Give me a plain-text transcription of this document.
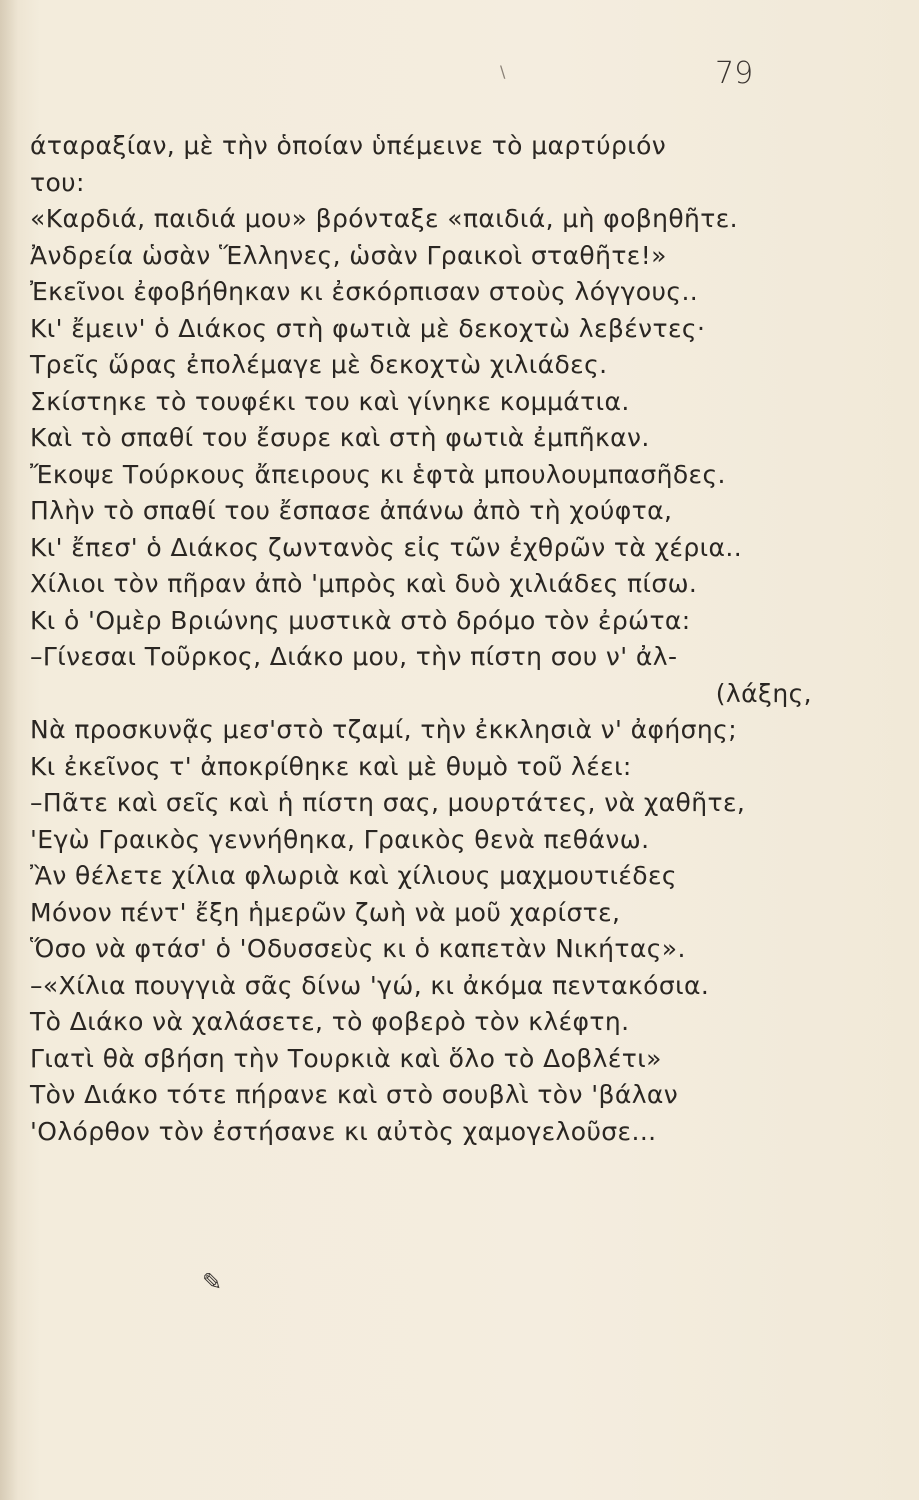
\	79
άταραξίαν, μὲ τὴν ὁποίαν ὑπέμεινε τὸ μαρτύριόν
του:
«Καρδιά, παιδιά μου» βρόνταξε «παιδιά, μὴ φοβηθῆτε.
Ἀνδρεία ὡσὰν Ἕλληνες, ὡσὰν Γραικοὶ σταθῆτε!»
Ἐκεῖνοι ἐφοβήθηκαν κι ἐσκόρπισαν στοὺς λόγγους..
Κι' ἔμειν' ὁ Διάκος στὴ φωτιὰ μὲ δεκοχτὼ λεβέντες·
Τρεῖς ὥρας ἐπολέμαγε μὲ δεκοχτὼ χιλιάδες.
Σκίστηκε τὸ τουφέκι του καὶ γίνηκε κομμάτια.
Καὶ τὸ σπαθί του ἔσυρε καὶ στὴ φωτιὰ ἐμπῆκαν.
Ἔκοψε Τούρκους ἄπειρους κι ἑφτὰ μπουλουμπασῆδες.
Πλὴν τὸ σπαθί του ἔσπασε ἀπάνω ἀπὸ τὴ χούφτα,
Κι' ἔπεσ' ὁ Διάκος ζωντανὸς εἰς τῶν ἐχθρῶν τὰ χέρια..
Χίλιοι τὸν πῆραν ἀπὸ 'μπρὸς καὶ δυὸ χιλιάδες πίσω.
Κι ὁ 'Ομὲρ Βριώνης μυστικὰ στὸ δρόμο τὸν ἐρώτα:
–Γίνεσαι Τοῦρκος, Διάκο μου, τὴν πίστη σου ν' ἀλ-
(λάξης,
Νὰ προσκυνᾷς μεσ'στὸ τζαμί, τὴν ἐκκλησιὰ ν' ἀφήσης;
Κι ἐκεῖνος τ' ἀποκρίθηκε καὶ μὲ θυμὸ τοῦ λέει:
–Πᾶτε καὶ σεῖς καὶ ἡ πίστη σας, μουρτάτες, νὰ χαθῆτε,
'Εγὼ Γραικὸς γεννήθηκα, Γραικὸς θενὰ πεθάνω.
Ἂν θέλετε χίλια φλωριὰ καὶ χίλιους μαχμουτιέδες
Μόνον πέντ' ἔξη ἡμερῶν ζωὴ νὰ μοῦ χαρίστε,
Ὅσο νὰ φτάσ' ὁ 'Οδυσσεὺς κι ὁ καπετὰν Νικήτας».
–«Χίλια πουγγιὰ σᾶς δίνω 'γώ, κι ἀκόμα πεντακόσια.
Τὸ Διάκο νὰ χαλάσετε, τὸ φοβερὸ τὸν κλέφτη.
Γιατὶ θὰ σβήση τὴν Τουρκιὰ καὶ ὅλο τὸ Δοβλέτι»
Τὸν Διάκο τότε πήρανε καὶ στὸ σουβλὶ τὸν 'βάλαν
'Ολόρθον τὸν ἐστήσανε κι αὐτὸς χαμογελοῦσε...
✎
